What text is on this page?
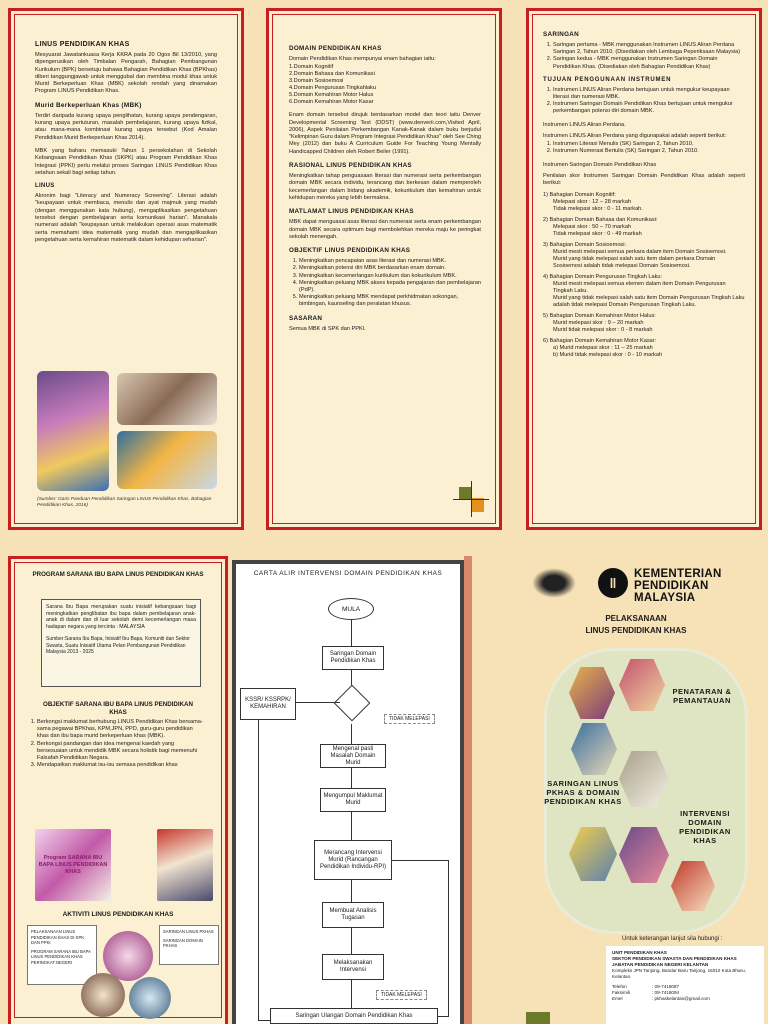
LINUS PENDIDIKAN KHAS
Mesyuarat Jawatankuasa Kerja KKRA pada 20 Ogos Bil 13/2010, yang dipengerusikan oleh Timbalan Pengarah, Bahagian Pembangunan Kurikulum (BPK) bersetuju bahawa Bahagian Pendidikan Khas (BPKhas) diberi tanggungjawab untuk menggubal dan membina modul khas untuk Murid Berkeperluan Khas (MBK) sekolah rendah yang dinamakan Program LINUS Pendidikan Khas.
Murid Berkeperluan Khas (MBK)
Terdiri daripada kurang upaya penglihatan, kurang upaya pendengaran, kurang upaya pertuturan, masalah pembelajaran, kurang upaya fizikal, atau mana-mana kombinasi kurang upaya tersebut (Kod Amalan Pendidikan Murid Berkeperluan Khas 2014).
MBK yang baharu memasuki Tahun 1 persekolahan di Sekolah Kebangsaan Pendidikan Khas (SKPK) atau Program Pendidikan Khas Integrasi (PPKI) perlu melalui proses Saringan LINUS Pendidikan Khas setahun sekali bagi setiap tahun.
LINUS
Akronim bagi "Literacy and Numeracy Screening". Literasi adalah "keupayaan untuk membaca, menulis dan ayat majmuk yang mudah (dengan menggunakan kata hubung), mengaplikasikan pengetahuan tersebut dengan pembelajaran serta komunikasi harian". Manakala numerasi adalah "keupayaan untuk melakukan operasi asas matematik serta memahami idea matematik yang mudah dan mengaplikasikan pengetahuan serta kemahiran matematik dalam kehidupan seharian".
(Sumber: Garis Panduan Pendidikan Saringan LINUS Pendidikan Khas, Bahagian Pendidikan Khas, 2016)
DOMAIN PENDIDIKAN KHAS
Domain Pendidikan Khas mempunyai enam bahagian iaitu:
1.Domain Kognitif
2.Domain Bahasa dan Komunikasi
3.Domain Sosioemosi
4.Domain Pengurusan Tingkahlaku
5.Domain Kemahiran Motor Halus
6.Domain Kemahiran Motor Kasar
Enam domain tersebut dirujuk berdasarkan model dan teori iaitu Denver Developmental Screening Test (DDST) (www.denverii.com,Visited April, 2006), Aspek Penilaian Perkembangan Kanak-Kanak dalam buku berjudul "Kelimpinan Guru dalam Program Integrasi Pendidikan Khas" oleh See Ching Mey (2012) dan buku A Curriculum Guide For Teaching Young Mentally Handicapped Children oleh Robert Beiler (1991).
RASIONAL LINUS PENDIDIKAN KHAS
Meningkatkan tahap penguasaan literasi dan numerasi serta perkembangan domain MBK secara individu, terancang dan berkesan dalam memperoleh kecemerlangan dalam bidang akademik, kokurikulum dan kemahiran untuk kehidupan mereka yang lebih bermakna.
MATLAMAT LINUS PENDIDIKAN KHAS
MBK dapat menguasai asas literasi dan numerasi serta enam perkembangan domain MBK secara optimum bagi membolehkan mereka maju ke peringkat sekolah menengah.
OBJEKTIF LINUS PENDIDIKAN KHAS
1. Meningkatkan pencapaian asas literasi dan numerasi MBK.
2. Meningkatkan potensi diri MBK berdasarkan enam domain.
3. Meningkatkan kecemerlangan kurikulum dan kokurikulum MBK.
4. Meningkatkan peluang MBK akses kepada pengajaran dan pembelajaran (PdP).
5. Meningkatkan peluang MBK mendapat perkhidmatan sokongan, bimbingan, kaunseling dan peralatan khusus.
SASARAN
Semua MBK di SPK dan PPKI.
SARINGAN
1. Saringan pertama - MBK menggunakan Instrumen LINUS Aliran Perdana Saringan 2, Tahun 2010. (Disediakan oleh Lembaga Peperiksaan Malaysia)
2. Saringan kedua - MBK menggunakan Instrumen Saringan Domain Pendidikan Khas. (Disediakan oleh Bahagian Pendidikan Khas)
TUJUAN PENGGUNAAN INSTRUMEN
1. Instrumen LINUS Aliran Perdana bertujuan untuk mengukur keupayaan literasi dan numerasi MBK.
2. Instrumen Saringan Domain Pendidikan Khas bertujuan untuk mengukur perkembangan potensi diri domain MBK.
Instrumen LINUS Aliran Perdana.
Instrumen LINUS Aliran Perdana yang digunapakai adalah seperti berikut:
1. Instrumen Literasi Menulis (SK) Saringan 2, Tahun 2010.
2. Instrumen Numerasi Bertulis (SK) Saringan 2, Tahun 2010.
Instrumen Saringan Domain Pendidikan Khas
Penilaian skor Instrumen Saringan Domain Pendidikan Khas adalah seperti berikut:
1) Bahagian Domain Kognitif:
Melepasi skor : 12 – 28 markah
Tidak melepasi skor : 0 - 11 markah.
2) Bahagian Domain Bahasa dan Komunikasi:
Melepasi skor : 50 – 70 markah
Tidak melepasi skor : 0 - 49 markah
3) Bahagian Domain Sosioemosi:
Murid mesti melepasi semua perkara dalam item Domain Sosioemosi.
Murid yang tidak melepasi salah satu item dalam perkara Domain Sosioemosi adalah tidak melepasi Domain Sosioemosi.
4) Bahagian Domain Pengurusan Tingkah Laku:
Murid mesti melepasi semua elemen dalam item Domain Pengurusan Tingkah Laku.
Murid yang tidak melepasi salah satu item Domain Pengurusan Tingkah Laku adalah tidak melepasi Domain Pengurusan Tingkah Laku.
5) Bahagian Domain Kemahiran Motor Halus:
Murid melepasi skor : 9 – 20 markah
Murid tidak melepasi skor : 0 - 8 markah
6) Bahagian Domain Kemahiran Motor Kasar:
a) Murid melepasi skor : 11 – 25 markah
b) Murid tidak melepasi skor : 0 - 10 markah
PROGRAM SARANA IBU BAPA LINUS PENDIDIKAN KHAS
Sarana Ibu Bapa merupakan suatu inisiatif kebangsaan bagi meningkatkan penglibatan ibu bapa dalam pembelajaran anak-anak di dalam dan di luar sekolah demi kecemerlangan masa hadapan negara yang tercinta : MALAYSIA
Sumber:Sarana Ibu Bapa, Inisiatif Ibu Bapa, Komuniti dan Sektor Swasta, Suatu Inisiatif Utama Pelan Pembangunan Pendidikan Malaysia 2013 - 2025
OBJEKTIF SARANA IBU BAPA LINUS PENDIDIKAN KHAS
1. Berkongsi maklumat berhubung LINUS Pendidikan Khas bersama-sama pegawai BPKhas, KPM,JPN, PPD, guru-guru pendidikan khas dan ibu bapa murid berkeperluan khas (MBK).
2. Berkongsi pandangan dan idea mengenai kaedah yang bersesuaian untuk mendidik MBK secara holistik bagi memenuhi Falsafah Pendidikan Negara.
3. Mendapatkan maklumat isu-isu semasa pendidikan khas
Program SARANA IBU BAPA LINUS PENDIDIKAN KHAS
AKTIVITI LINUS PENDIDIKAN KHAS
PELAKSANAAN LINUS PENDIDIKAN KHAS DI SPK DAN PPKI
PROGRAM SARANA IBU BAPA LINUS PENDIDIKAN KHAS PERINGKAT NEGERI
SARINGAN LINUS PKHAS
SARINGAN DOMAIN PKHAS
CARTA ALIR INTERVENSI DOMAIN PENDIDIKAN KHAS
MULA
Saringan Domain Pendidikan Khas
KSSR/ KSSRPK/ KEMAHIRAN
TIDAK MELEPASI
Mengenal pasti Masalah Domain Murid
Mengumpul Maklumat Murid
Merancang Intervensi Murid (Rancangan Pendidikan Individu-RPI)
Membuat Analisis Tugasan
Melaksanakan Intervensi
TIDAK MELEPASI
Saringan Ulangan Domain Pendidikan Khas
‖
KEMENTERIAN
PENDIDIKAN
MALAYSIA
PELAKSANAAN
LINUS PENDIDIKAN KHAS
PENATARAN & PEMANTAUAN
SARINGAN LINUS PKHAS & DOMAIN PENDIDIKAN KHAS
INTERVENSI DOMAIN PENDIDIKAN KHAS
Untuk keterangan lanjut sila hubungi :
UNIT PENDIDIKAN KHAS
SEKTOR PENDIDIKAN SWASTA DAN PENDIDIKAN KHAS
JABATAN PENDIDIKAN NEGERI KELANTAN
Kompleks JPN Tanjong, Bandar Baru Tanjong, 16010 Kota Bharu, Kelantan.
Telefon	: 09-7418087
Faksimili	: 09-7418094
Emel	: pkhaskelantan@gmail.com
